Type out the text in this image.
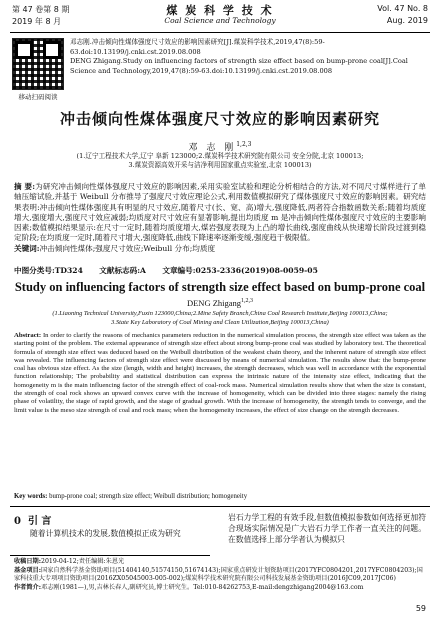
第 47 卷第 8 期
2019 年 8 月
煤 炭 科 学 技 术
Coal Science and Technology
Vol. 47 No. 8
Aug. 2019
移动扫码阅读
邓志刚.冲击倾向性煤体强度尺寸效应的影响因素研究[J].煤炭科学技术,2019,47(8):59-63.doi:10.13199/j.cnki.cst.2019.08.008
DENG Zhigang.Study on influencing factors of strength size effect based on bump-prone coal[J].Coal Science and Technology,2019,47(8):59-63.doi:10.13199/j.cnki.cst.2019.08.008
冲击倾向性煤体强度尺寸效应的影响因素研究
邓 志 刚$^{1,2,3}$
(1.辽宁工程技术大学,辽宁 阜新 123000;2.煤炭科学技术研究院有限公司 安全分院,北京 100013;
3.煤炭资源高效开采与洁净利用国家重点实验室,北京 100013)
摘 要:为研究冲击倾向性煤体强度尺寸效应的影响因素,采用实验室试验和理论分析相结合的方法,对不同尺寸煤样进行了单轴压缩试验,并基于 Weibull 分布推导了强度尺寸效应理论公式,利用数值模拟研究了煤体强度尺寸效应的影响因素。研究结果表明:冲击倾向性煤体强度具有明显的尺寸效应,随着尺寸(长、宽、高)增大,强度降低,两者符合指数函数关系;随着均质度增大,强度增大,强度尺寸效应减弱;均质度对尺寸效应有显著影响,提出均质度 m 是冲击倾向性煤体强度尺寸效应的主要影响因素;数值模拟结果显示:在尺寸一定时,随着均质度增大,煤岩强度表现为上凸的增长曲线,强度曲线从快速增长阶段过渡到稳定阶段;在均质度一定时,随着尺寸增大,强度降低,曲线下降速率逐渐变缓,强度趋于极限值。
关键词:冲击倾向性煤体;强度尺寸效应;Weibull 分布;均质度
中图分类号:TD324 文献标志码:A 文章编号:0253-2336(2019)08-0059-05
Study on influencing factors of strength size effect based on bump-prone coal
DENG Zhigang$^{1,2,3}$
(1.Liaoning Technical University,Fuxin 123000,China;2.Mine Safety Branch,China Coal Research Institute,Beijing 100013,China;
3.State Key Laboratory of Coal Mining and Clean Utilization,Beijing 100013,China)
Abstract: In order to clarify the reasons of mechanics parameters reduction in the numerical simulation process, the strength size effect was taken as the starting point of the problem. The external appearance of strength size effect about strong bump-prone coal was studied by laboratory test. The theoretical formula of strength size effect was deduced based on the Weibull distribution of the weakest chain theory, and the inherent nature of strength size effect was revealed. The influencing factors of strength size effect were discussed by means of numerical simulation. The results show that: the bump-prone coal has obvious size effect. As the size (length, width and height) increases, the strength decreases, which was well in accordance with the exponential function relationship; The probability and statistical distribution can express the intrinsic nature of the intensity size effect, indicating that the homogeneity m is the main influencing factor of the strength effect of coal-rock mass. Numerical simulation results show that when the size is constant, the strength of coal rock shows an upward convex curve with the increase of homogeneity, which can be divided into three stages: namely the rising phase of volatility, the stage of rapid growth, and the stage of gradual growth. With the increase of homogeneity, the strength tends to converge, and the limit value is the meso size strength of coal and rock mass; when the homogeneity increases, the effect of size change on the strength decreases.
Key words: bump-prone coal; strength size effect; Weibull distribution; homogeneity
0 引 言
随着计算机技术的发展,数值模拟正成为研究
岩石力学工程的有效手段,但数值模拟参数如何选择更加符合现场实际情况是广大岩石力学工作者一直关注的问题。在数值选择上部分学者认为模拟只
收稿日期:2019-04-12;责任编辑:朱恩光
基金项目:国家自然科学基金资助项目(51404140,51574150,51674143);国家重点研发计划资助项目(2017YFC0804201,2017YFC0804203);国家科技重大专项项目资助项目(2016ZX05045003-005-002);煤炭科学技术研究院有限公司科技发展基金资助项目(2016JC09,2017JC06)
作者简介:邓志刚(1981—),男,吉林长春人,副研究员,博士研究生。Tel:010-84262753,E-mail:dengzhigang2004@163.com
59
